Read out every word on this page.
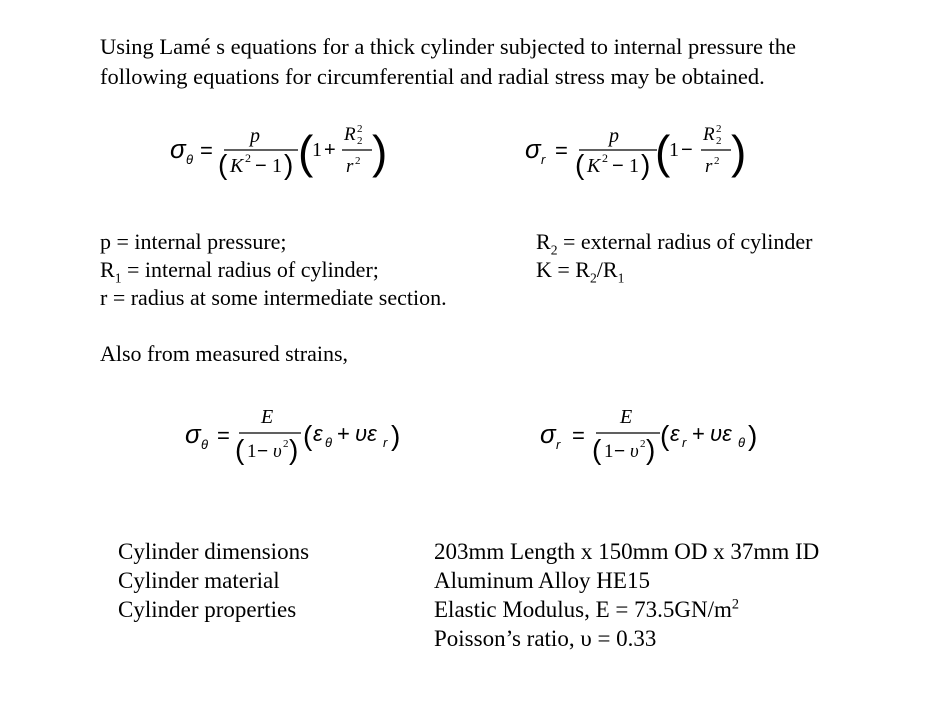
Using Lamé s equations for a thick cylinder subjected to internal pressure the
following equations for circumferential and radial stress may be obtained.
σ θ =
p
( K 2 − 1 ) (
1 +
R 2
2
r 2 )	σ r =
p
( K 2 − 1 ) (
1 −
R 2
2
r 2 )
p = internal pressure;
$R_1$ = internal radius of cylinder;
r = radius at some intermediate section.
$R_2$ = external radius of cylinder
$K = R_2/R_1$
Also from measured strains,
σ θ =
E
( 1 − υ 2 ) ( ε θ + υε r )	σ r =
E
( 1 − υ 2 ) ( ε r + υε θ )
Cylinder dimensions
Cylinder material
Cylinder properties
203mm Length x 150mm OD x 37mm ID
Aluminum Alloy HE15
Elastic Modulus, $E = 73.5GN/m^2$
Poisson’s ratio, υ = 0.33
